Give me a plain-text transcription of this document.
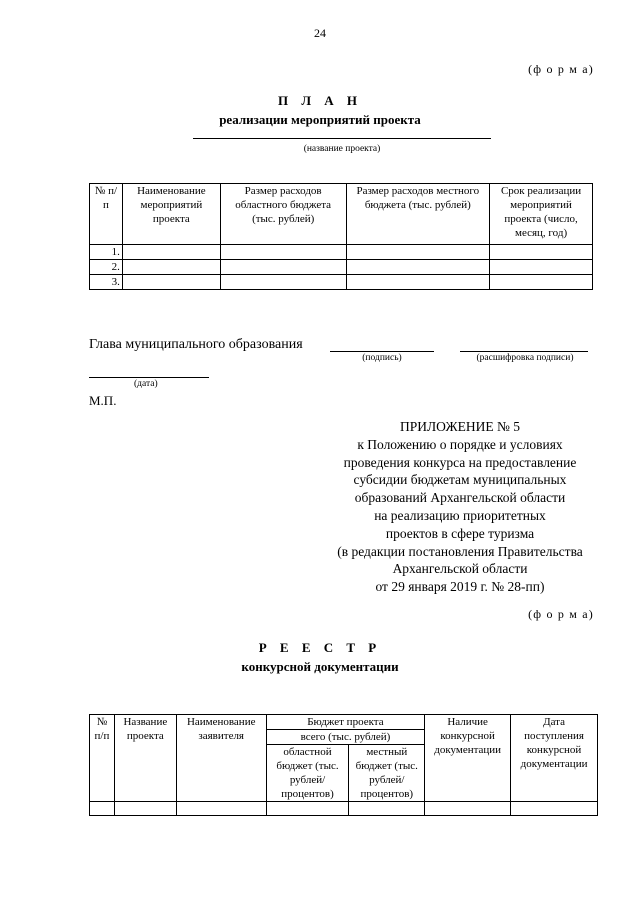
24
(ф о р м а)
П Л А Н
реализации мероприятий проекта
(название проекта)
№ п/п	Наименование мероприятий проекта	Размер расходов областного бюджета (тыс. рублей)	Размер расходов местного бюджета (тыс. рублей)	Срок реализации мероприятий проекта (число, месяц, год)
1.				
2.				
3.				
Глава муниципального образования
(подпись)	(расшифровка подписи)
(дата)
М.П.
ПРИЛОЖЕНИЕ № 5
к Положению о порядке и условиях
проведения конкурса на предоставление
субсидии бюджетам муниципальных
образований Архангельской области
на реализацию приоритетных
проектов в сфере туризма
(в редакции постановления Правительства
Архангельской области
от 29 января 2019 г. № 28-пп)
(ф о р м а)
Р Е Е С Т Р
конкурсной документации
№ п/п	Название проекта	Наименование заявителя	Бюджет проекта		Наличие конкурсной документации	Дата поступления конкурсной документации
			всего (тыс. рублей)			
			областной бюджет (тыс. рублей/ процентов)	местный бюджет (тыс. рублей/ процентов)		
